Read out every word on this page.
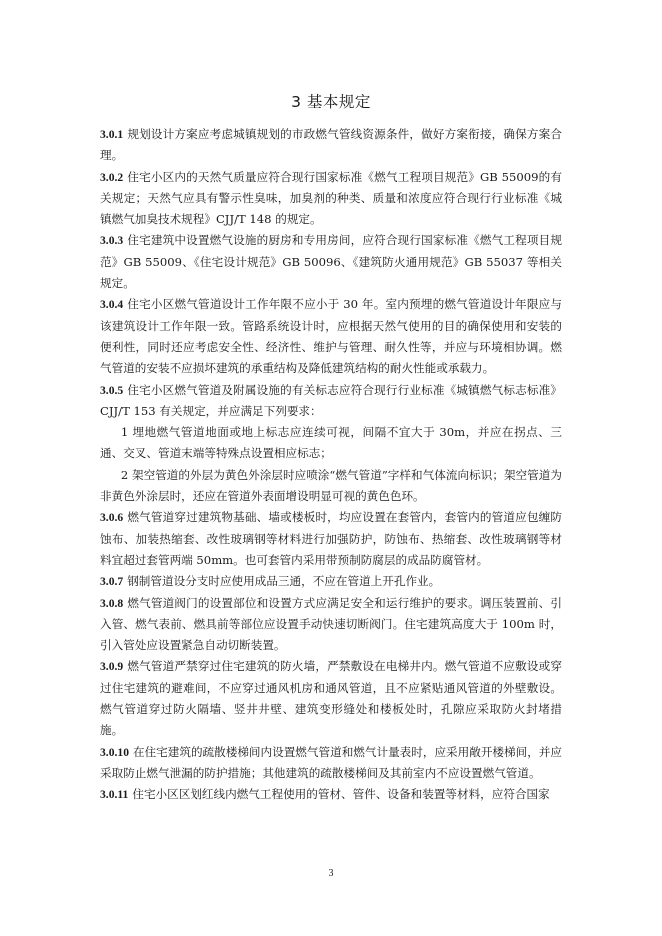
3 基本规定

3.0.1 规划设计方案应考虑城镇规划的市政燃气管线资源条件，做好方案衔接，确保方案合理。

3.0.2 住宅小区内的天然气质量应符合现行国家标准《燃气工程项目规范》GB 55009的有关规定；天然气应具有警示性臭味，加臭剂的种类、质量和浓度应符合现行行业标准《城镇燃气加臭技术规程》CJJ/T 148 的规定。

3.0.3 住宅建筑中设置燃气设施的厨房和专用房间，应符合现行国家标准《燃气工程项目规范》GB 55009、《住宅设计规范》GB 50096、《建筑防火通用规范》GB 55037 等相关规定。

3.0.4 住宅小区燃气管道设计工作年限不应小于 30 年。室内预埋的燃气管道设计年限应与该建筑设计工作年限一致。管路系统设计时，应根据天然气使用的目的确保使用和安装的便利性，同时还应考虑安全性、经济性、维护与管理、耐久性等，并应与环境相协调。燃气管道的安装不应损坏建筑的承重结构及降低建筑结构的耐火性能或承载力。

3.0.5 住宅小区燃气管道及附属设施的有关标志应符合现行行业标准《城镇燃气标志标准》CJJ/T 153 有关规定，并应满足下列要求：

1 埋地燃气管道地面或地上标志应连续可视，间隔不宜大于 30m，并应在拐点、三通、交叉、管道末端等特殊点设置相应标志；

2 架空管道的外层为黄色外涂层时应喷涂“燃气管道”字样和气体流向标识；架空管道为非黄色外涂层时，还应在管道外表面增设明显可视的黄色色环。

3.0.6 燃气管道穿过建筑物基础、墙或楼板时，均应设置在套管内，套管内的管道应包缠防蚀布、加装热缩套、改性玻璃钢等材料进行加强防护，防蚀布、热缩套、改性玻璃钢等材料宜超过套管两端 50mm。也可套管内采用带预制防腐层的成品防腐管材。

3.0.7 钢制管道设分支时应使用成品三通，不应在管道上开孔作业。

3.0.8 燃气管道阀门的设置部位和设置方式应满足安全和运行维护的要求。调压装置前、引入管、燃气表前、燃具前等部位应设置手动快速切断阀门。住宅建筑高度大于 100m 时，引入管处应设置紧急自动切断装置。

3.0.9 燃气管道严禁穿过住宅建筑的防火墙，严禁敷设在电梯井内。燃气管道不应敷设或穿过住宅建筑的避难间，不应穿过通风机房和通风管道，且不应紧贴通风管道的外壁敷设。燃气管道穿过防火隔墙、竖井井壁、建筑变形缝处和楼板处时，孔隙应采取防火封堵措施。

3.0.10 在住宅建筑的疏散楼梯间内设置燃气管道和燃气计量表时，应采用敞开楼梯间，并应采取防止燃气泄漏的防护措施；其他建筑的疏散楼梯间及其前室内不应设置燃气管道。

3.0.11 住宅小区区划红线内燃气工程使用的管材、管件、设备和装置等材料，应符合国家

3
